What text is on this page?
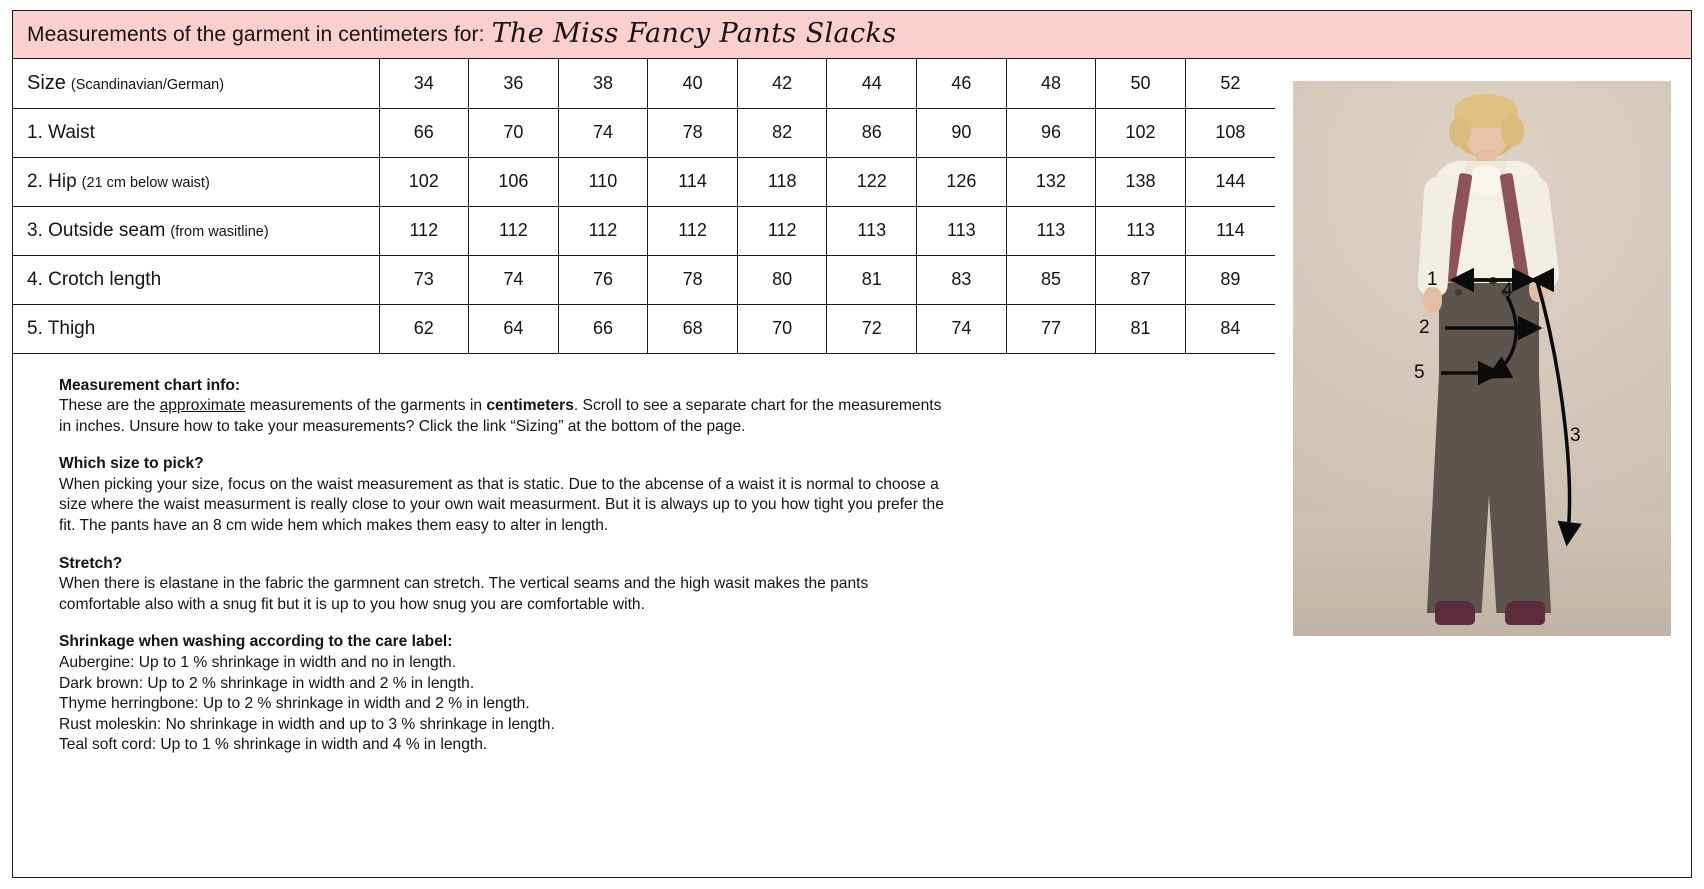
Measurements of the garment in centimeters for: The Miss Fancy Pants Slacks
Size (Scandinavian/German)	34	36	38	40	42	44	46	48	50	52
1. Waist	66	70	74	78	82	86	90	96	102	108
2. Hip (21 cm below waist)	102	106	110	114	118	122	126	132	138	144
3. Outside seam (from wasitline)	112	112	112	112	112	113	113	113	113	114
4. Crotch length	73	74	76	78	80	81	83	85	87	89
5. Thigh	62	64	66	68	70	72	74	77	81	84
Measurement chart info:

These are the approximate measurements of the garments in centimeters. Scroll to see a separate chart for the measurements
in inches. Unsure how to take your measurements? Click the link “Sizing” at the bottom of the page.

Which size to pick?

When picking your size, focus on the waist measurement as that is static. Due to the abcense of a waist it is normal to choose a
size where the waist measurment is really close to your own wait measurment. But it is always up to you how tight you prefer the
fit. The pants have an 8 cm wide hem which makes them easy to alter in length.

Stretch?

When there is elastane in the fabric the garmnent can stretch. The vertical seams and the high wasit makes the pants
comfortable also with a snug fit but it is up to you how snug you are comfortable with.

Shrinkage when washing according to the care label:

Aubergine: Up to 1 % shrinkage in width and no in length.
Dark brown: Up to 2 % shrinkage in width and 2 % in length.
Thyme herringbone: Up to 2 % shrinkage in width and 2 % in length.
Rust moleskin: No shrinkage in width and up to 3 % shrinkage in length.
Teal soft cord: Up to 1 % shrinkage in width and 4 % in length.

1
2
3
4
5
